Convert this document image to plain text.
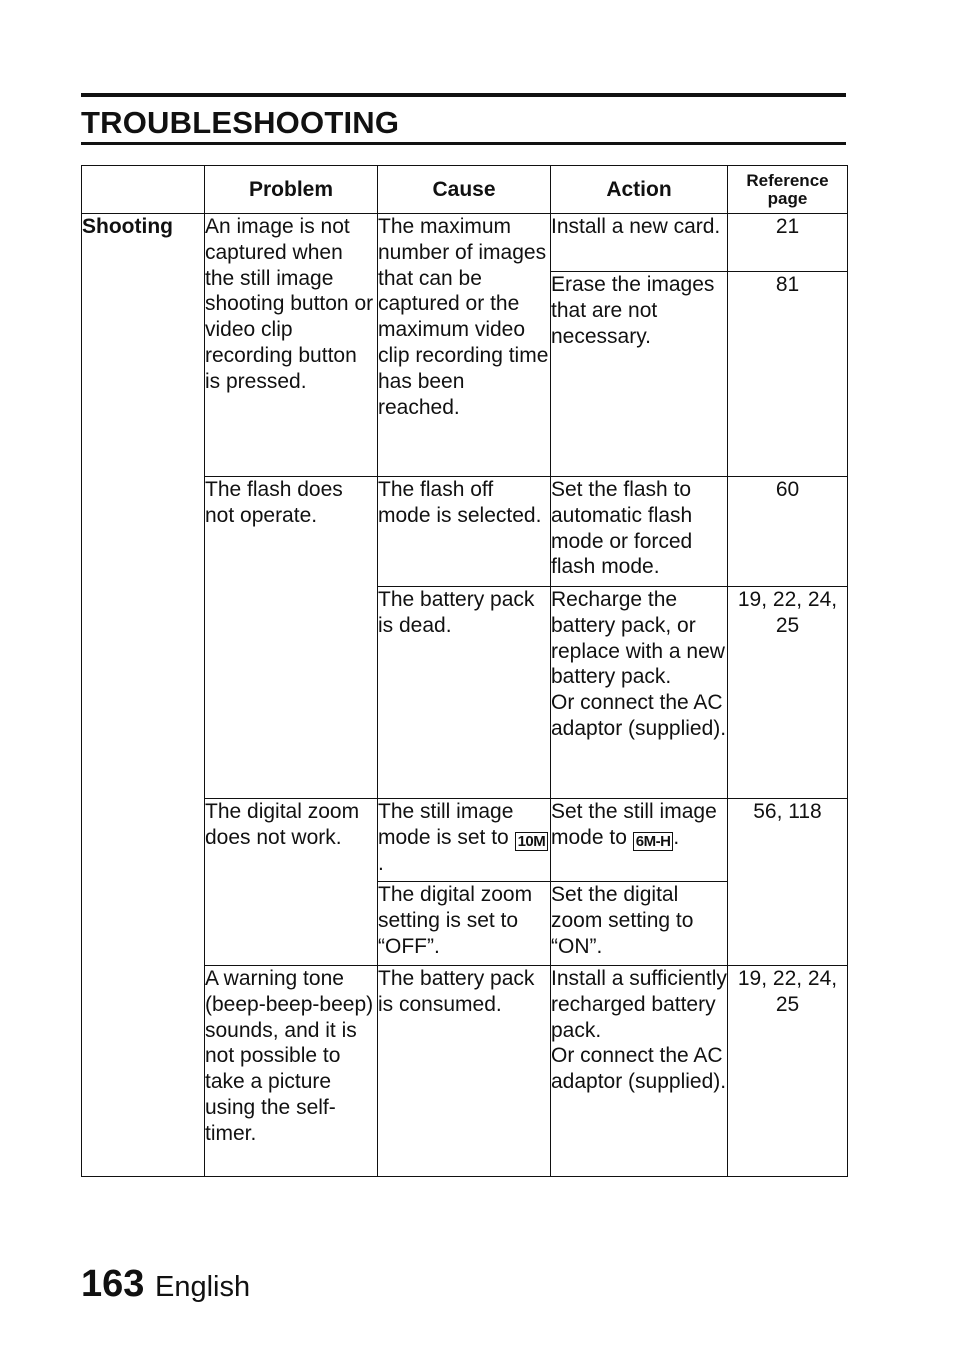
TROUBLESHOOTING
	Problem	Cause	Action	Reference page
Shooting	An image is not captured when the still image shooting button or video clip recording button is pressed.	The maximum number of images that can be captured or the maximum video clip recording time has been reached.	Install a new card.	21
			Erase the images that are not necessary.	81
	The flash does not operate.	The flash off mode is selected.	Set the flash to automatic flash mode or forced flash mode.	60
		The battery pack is dead.	Recharge the battery pack, or replace with a new battery pack.
Or connect the AC adaptor (supplied).	19, 22, 24, 25
	The digital zoom does not work.	The still image mode is set to 10M.	Set the still image mode to 6M-H .	56, 118
		The digital zoom setting is set to “OFF”.	Set the digital zoom setting to “ON”.	
	A warning tone (beep-beep-beep) sounds, and it is not possible to take a picture using the self-timer.	The battery pack is consumed.	Install a sufficiently recharged battery pack.
Or connect the AC adaptor (supplied).	19, 22, 24, 25
163 English
